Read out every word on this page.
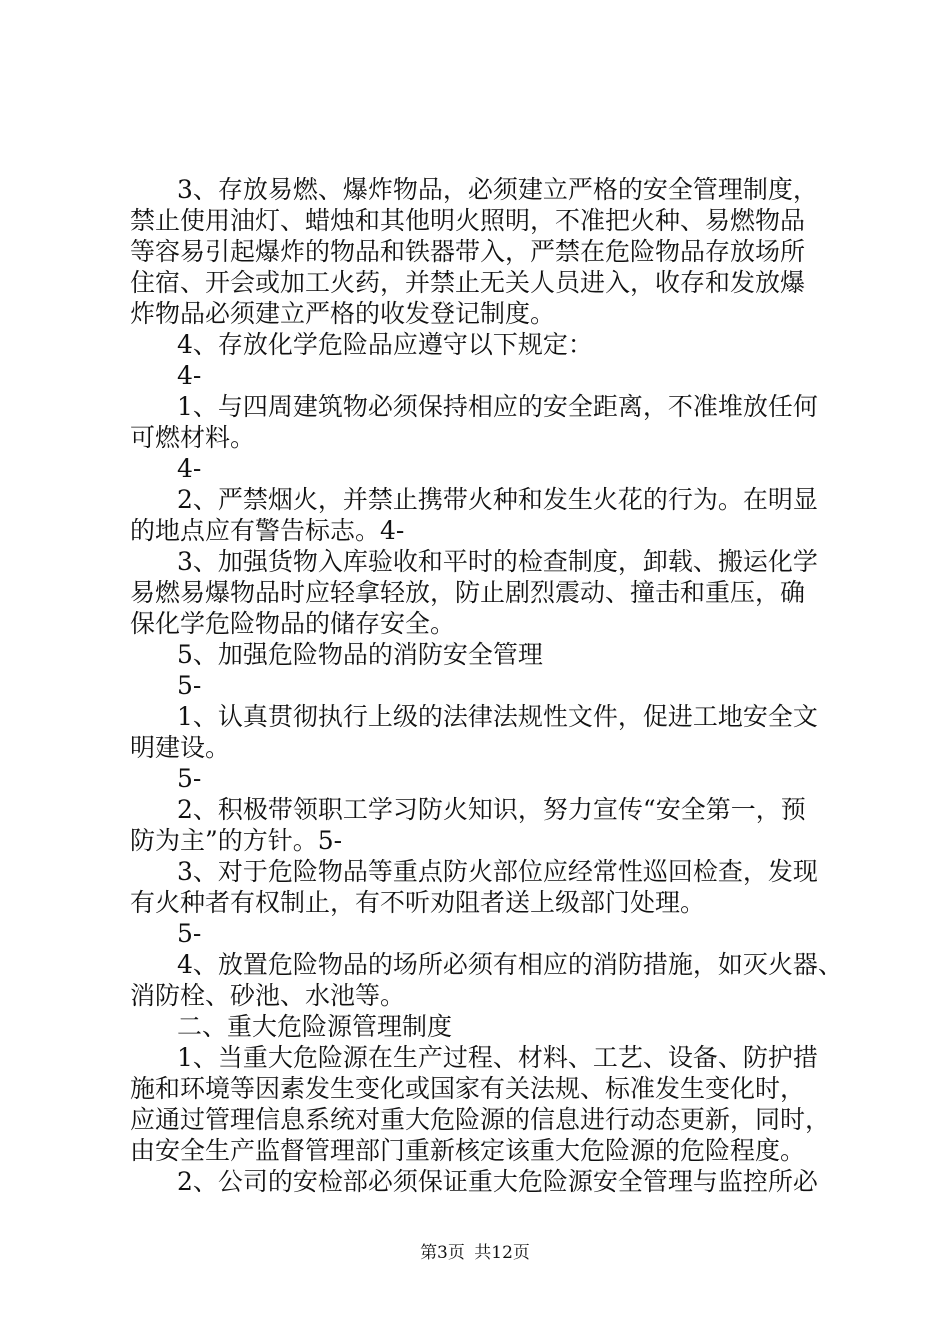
3、存放易燃、爆炸物品，必须建立严格的安全管理制度，
禁止使用油灯、蜡烛和其他明火照明，不准把火种、易燃物品
等容易引起爆炸的物品和铁器带入，严禁在危险物品存放场所
住宿、开会或加工火药，并禁止无关人员进入，收存和发放爆
炸物品必须建立严格的收发登记制度。
4、存放化学危险品应遵守以下规定：
4-
1、与四周建筑物必须保持相应的安全距离，不准堆放任何
可燃材料。
4-
2、严禁烟火，并禁止携带火种和发生火花的行为。在明显
的地点应有警告标志。4-
3、加强货物入库验收和平时的检查制度，卸载、搬运化学
易燃易爆物品时应轻拿轻放，防止剧烈震动、撞击和重压，确
保化学危险物品的储存安全。
5、加强危险物品的消防安全管理
5-
1、认真贯彻执行上级的法律法规性文件，促进工地安全文
明建设。
5-
2、积极带领职工学习防火知识，努力宣传“安全第一，预
防为主”的方针。5-
3、对于危险物品等重点防火部位应经常性巡回检查，发现
有火种者有权制止，有不听劝阻者送上级部门处理。
5-
4、放置危险物品的场所必须有相应的消防措施，如灭火器、
消防栓、砂池、水池等。
二、重大危险源管理制度
1、当重大危险源在生产过程、材料、工艺、设备、防护措
施和环境等因素发生变化或国家有关法规、标准发生变化时，
应通过管理信息系统对重大危险源的信息进行动态更新，同时，
由安全生产监督管理部门重新核定该重大危险源的危险程度。
2、公司的安检部必须保证重大危险源安全管理与监控所必
第3页 共12页
